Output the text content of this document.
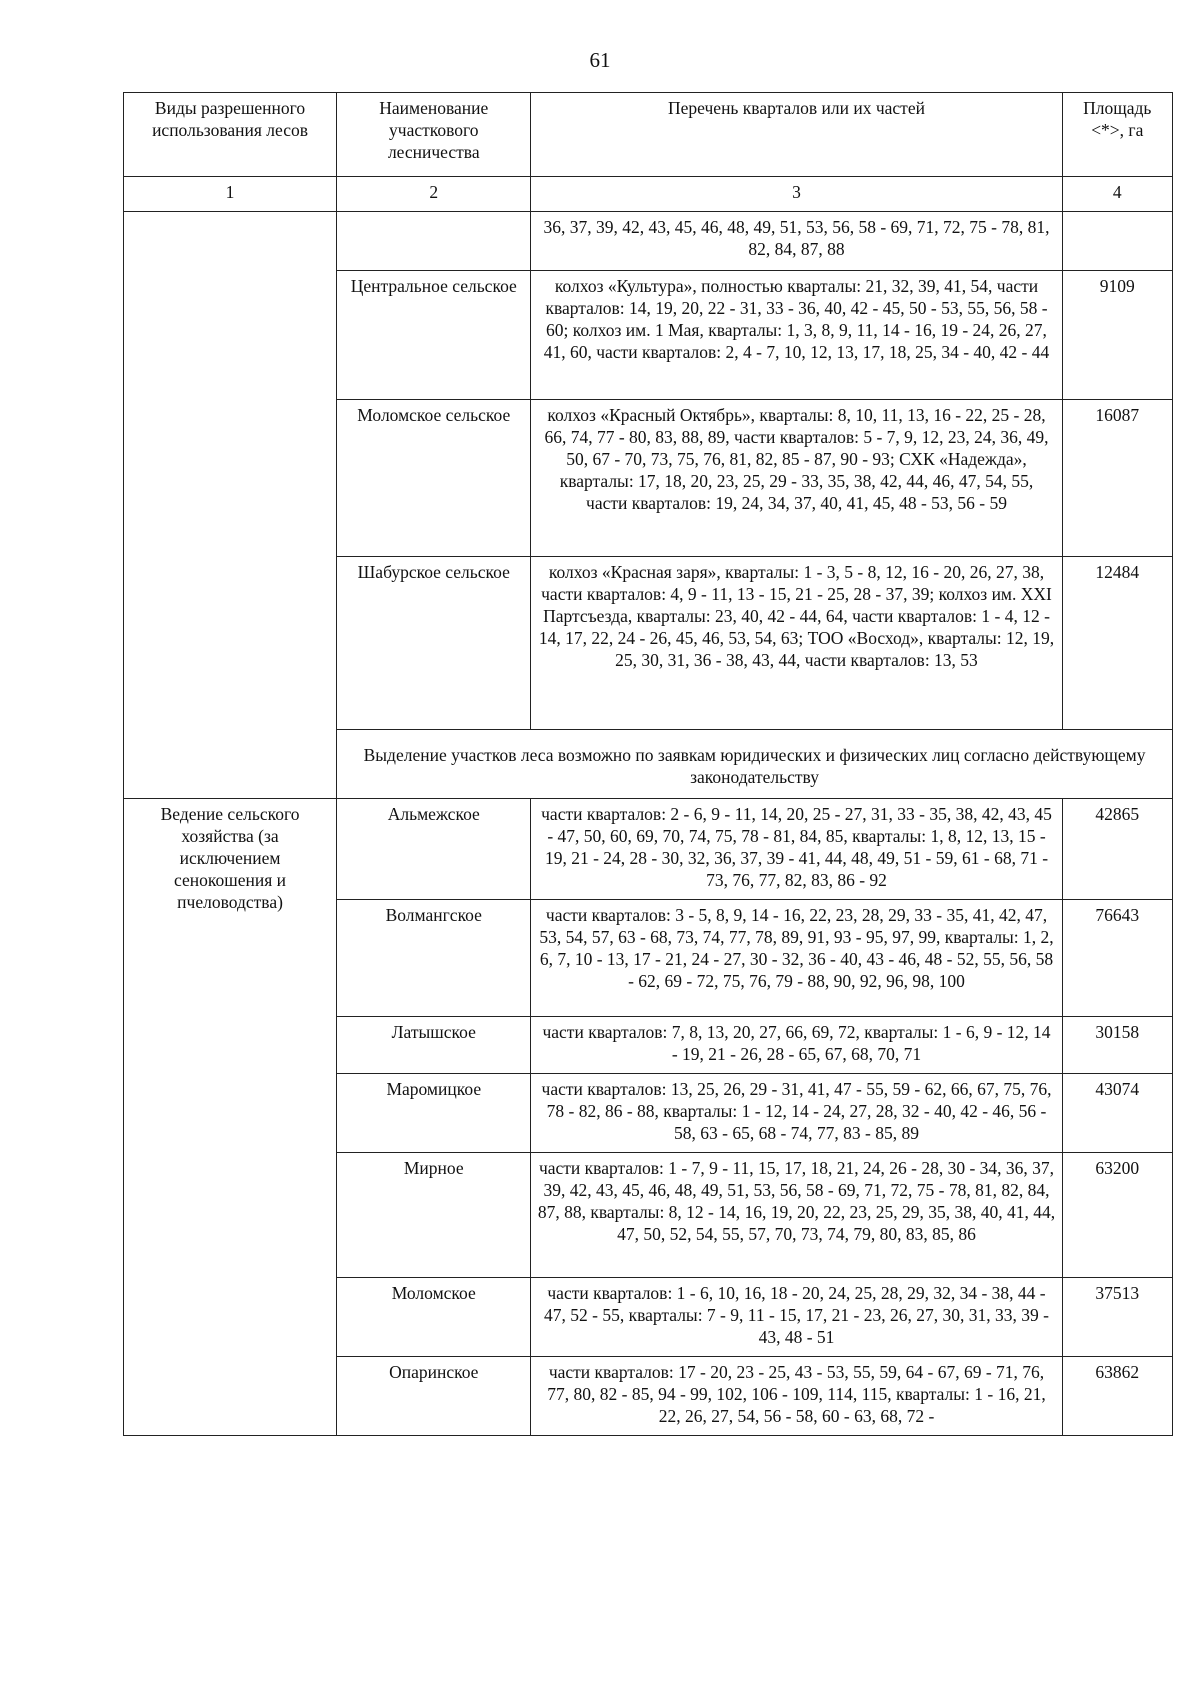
61
Виды разрешенного использования лесов	Наименование участкового лесничества	Перечень кварталов или их частей	Площадь <*>, га
1	2	3	4
		36, 37, 39, 42, 43, 45, 46, 48, 49, 51, 53, 56, 58 - 69, 71, 72, 75 - 78, 81, 82, 84, 87, 88	
	Центральное сельское	колхоз «Культура», полностью кварталы: 21, 32, 39, 41, 54, части кварталов: 14, 19, 20, 22 - 31, 33 - 36, 40, 42 - 45, 50 - 53, 55, 56, 58 - 60; колхоз им. 1 Мая, кварталы: 1, 3, 8, 9, 11, 14 - 16, 19 - 24, 26, 27, 41, 60, части кварталов: 2, 4 - 7, 10, 12, 13, 17, 18, 25, 34 - 40, 42 - 44	9109
	Моломское сельское	колхоз «Красный Октябрь», кварталы: 8, 10, 11, 13, 16 - 22, 25 - 28, 66, 74, 77 - 80, 83, 88, 89, части кварталов: 5 - 7, 9, 12, 23, 24, 36, 49, 50, 67 - 70, 73, 75, 76, 81, 82, 85 - 87, 90 - 93; СХК «Надежда», кварталы: 17, 18, 20, 23, 25, 29 - 33, 35, 38, 42, 44, 46, 47, 54, 55, части кварталов: 19, 24, 34, 37, 40, 41, 45, 48 - 53, 56 - 59	16087
	Шабурское сельское	колхоз «Красная заря», кварталы: 1 - 3, 5 - 8, 12, 16 - 20, 26, 27, 38, части кварталов: 4, 9 - 11, 13 - 15, 21 - 25, 28 - 37, 39; колхоз им. XXI Партсъезда, кварталы: 23, 40, 42 - 44, 64, части кварталов: 1 - 4, 12 - 14, 17, 22, 24 - 26, 45, 46, 53, 54, 63; ТОО «Восход», кварталы: 12, 19, 25, 30, 31, 36 - 38, 43, 44, части кварталов: 13, 53	12484
	Выделение участков леса возможно по заявкам юридических и физических лиц согласно действующему законодательству		
Ведение сельского хозяйства (за исключением сенокошения и пчеловодства)	Альмежское	части кварталов: 2 - 6, 9 - 11, 14, 20, 25 - 27, 31, 33 - 35, 38, 42, 43, 45 - 47, 50, 60, 69, 70, 74, 75, 78 - 81, 84, 85, кварталы: 1, 8, 12, 13, 15 - 19, 21 - 24, 28 - 30, 32, 36, 37, 39 - 41, 44, 48, 49, 51 - 59, 61 - 68, 71 - 73, 76, 77, 82, 83, 86 - 92	42865
	Волмангское	части кварталов: 3 - 5, 8, 9, 14 - 16, 22, 23, 28, 29, 33 - 35, 41, 42, 47, 53, 54, 57, 63 - 68, 73, 74, 77, 78, 89, 91, 93 - 95, 97, 99, кварталы: 1, 2, 6, 7, 10 - 13, 17 - 21, 24 - 27, 30 - 32, 36 - 40, 43 - 46, 48 - 52, 55, 56, 58 - 62, 69 - 72, 75, 76, 79 - 88, 90, 92, 96, 98, 100	76643
	Латышское	части кварталов: 7, 8, 13, 20, 27, 66, 69, 72, кварталы: 1 - 6, 9 - 12, 14 - 19, 21 - 26, 28 - 65, 67, 68, 70, 71	30158
	Маромицкое	части кварталов: 13, 25, 26, 29 - 31, 41, 47 - 55, 59 - 62, 66, 67, 75, 76, 78 - 82, 86 - 88, кварталы: 1 - 12, 14 - 24, 27, 28, 32 - 40, 42 - 46, 56 - 58, 63 - 65, 68 - 74, 77, 83 - 85, 89	43074
	Мирное	части кварталов: 1 - 7, 9 - 11, 15, 17, 18, 21, 24, 26 - 28, 30 - 34, 36, 37, 39, 42, 43, 45, 46, 48, 49, 51, 53, 56, 58 - 69, 71, 72, 75 - 78, 81, 82, 84, 87, 88, кварталы: 8, 12 - 14, 16, 19, 20, 22, 23, 25, 29, 35, 38, 40, 41, 44, 47, 50, 52, 54, 55, 57, 70, 73, 74, 79, 80, 83, 85, 86	63200
	Моломское	части кварталов: 1 - 6, 10, 16, 18 - 20, 24, 25, 28, 29, 32, 34 - 38, 44 - 47, 52 - 55, кварталы: 7 - 9, 11 - 15, 17, 21 - 23, 26, 27, 30, 31, 33, 39 - 43, 48 - 51	37513
	Опаринское	части кварталов: 17 - 20, 23 - 25, 43 - 53, 55, 59, 64 - 67, 69 - 71, 76, 77, 80, 82 - 85, 94 - 99, 102, 106 - 109, 114, 115, кварталы: 1 - 16, 21, 22, 26, 27, 54, 56 - 58, 60 - 63, 68, 72 -	63862
